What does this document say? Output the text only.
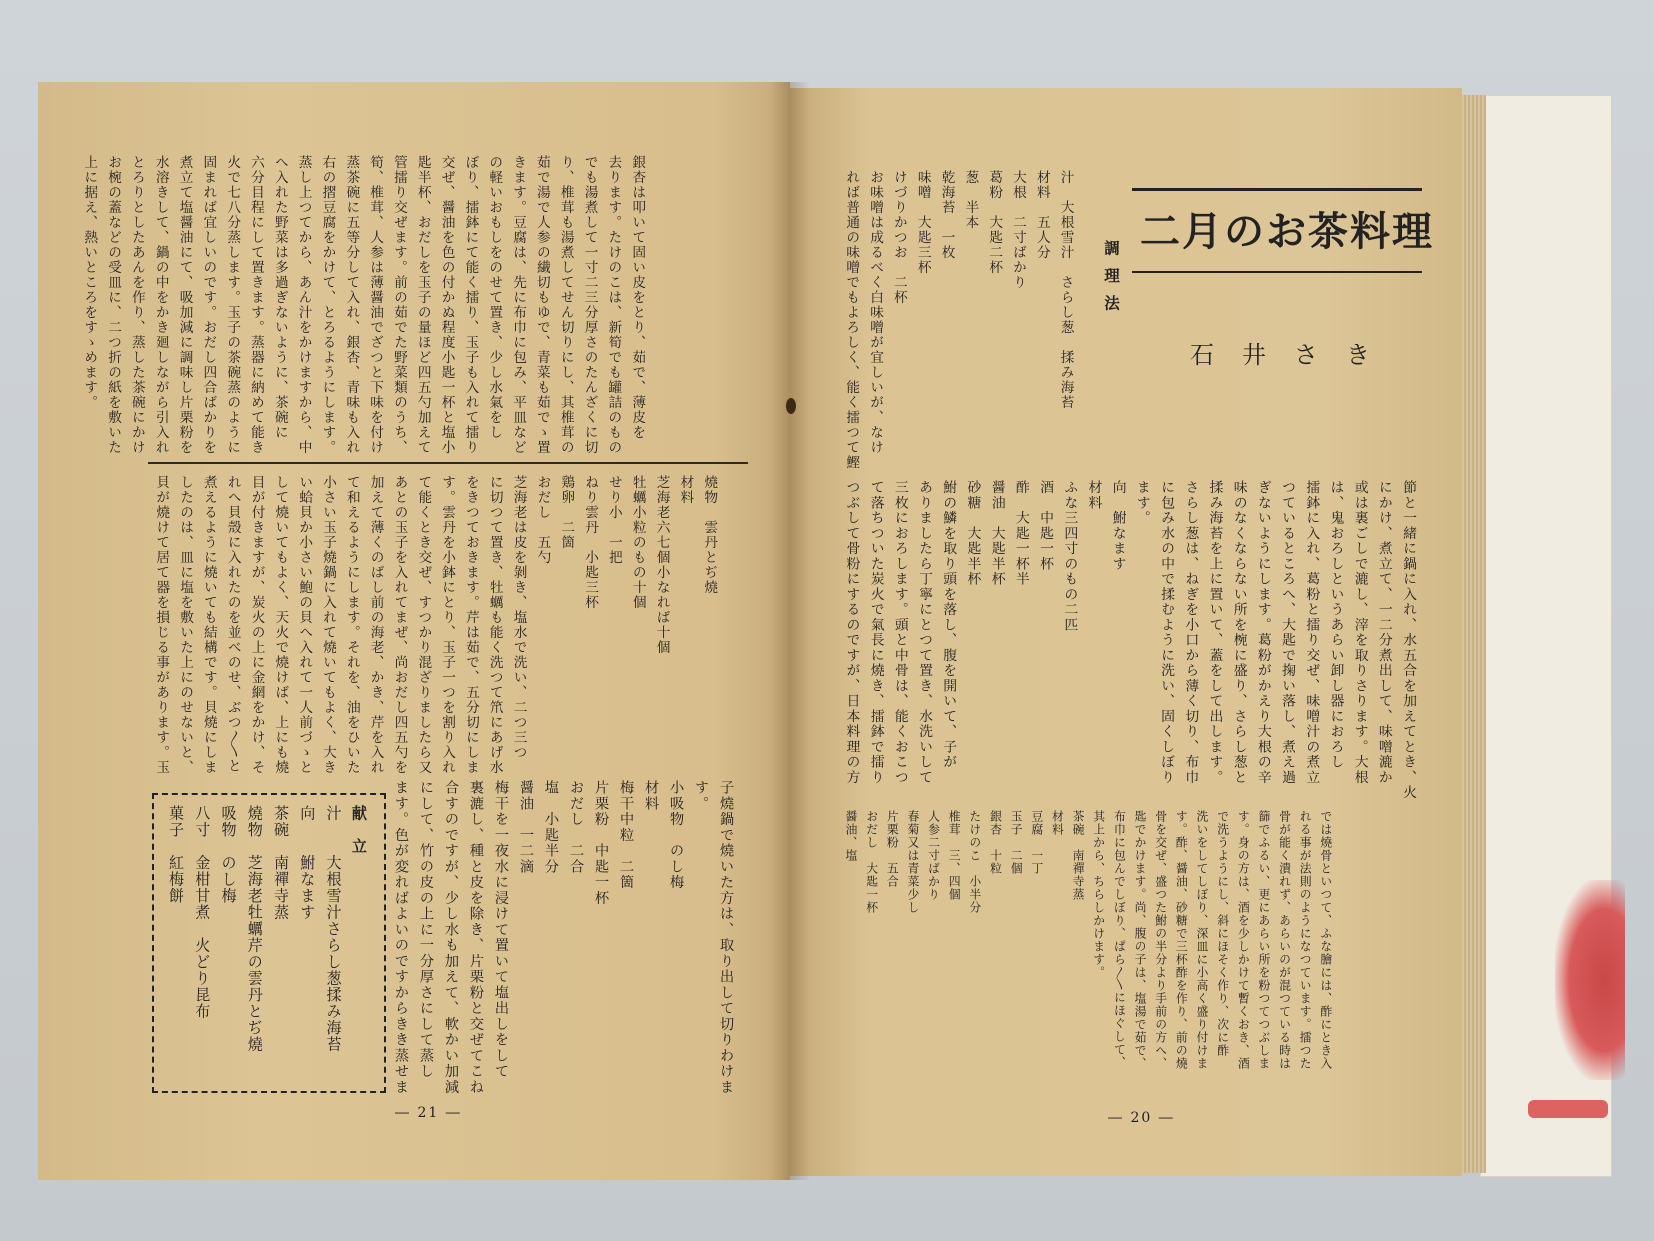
銀杏は叩いて固い皮をとり、茹で、薄皮を
去ります。たけのこは、新筍でも罐詰のもの
でも湯煮して一寸二三分厚さのたんざくに切
り、椎茸も湯煮してせん切りにし、其椎茸の
茹で湯で人参の繊切もゆで、青菜も茹でゝ置
きます。豆腐は、先に布巾に包み、平皿など
の軽いおもしをのせて置き、少し水氣をし
ぼり、擂鉢にて能く擂り、玉子も入れて擂り
交ぜ、醤油を色の付かぬ程度小匙一杯と塩小
匙半杯、おだしを玉子の量ほど四五勺加えて
管擂り交ぜます。前の茹でた野菜類のうち、
筍、椎茸、人参は薄醤油でざつと下味を付け
蒸茶碗に五等分して入れ、銀杏、青味も入れ
右の摺豆腐をかけて、とろるようにします。
蒸し上つてから、あん汁をかけますから、中
へ入れた野菜は多過ぎないように、茶碗に
六分目程にして置きます。蒸器に納めて能き
火で七八分蒸します。玉子の茶碗蒸のように
固まれば宜しいのです。おだし四合ばかりを
煮立て塩醤油にて、吸加減に調味し片栗粉を
水溶きして、鍋の中をかき廻しながら引入れ
とろりとしたあんを作り、蒸した茶碗にかけ
お椀の蓋などの受皿に、二つ折の紙を敷いた
上に据え、熱いところをすゝめます。
燒物　雲丹とぢ燒
材料
芝海老六七個小なれば十個
牡蠣小粒のもの十個
せり小　一把
ねり雲丹　小匙三杯
鶏卵　二箇
おだし　五勺
芝海老は皮を剝き、塩水で洗い、二つ三つ
に切つて置き、牡蠣も能く洗つて笊にあげ水
をきつておきます。芹は茹で、五分切にしま
す。雲丹を小鉢にとり、玉子一つを割り入れ
て能くとき交ぜ、すつかり混ざりましたら又
あとの玉子を入れてまぜ、尚おだし四五勺を
加えて薄くのばし前の海老、かき、芹を入れ
て和えるようにします。それを、油をひいた
小さい玉子燒鍋に入れて燒いてもよく、大き
い蛤貝か小さい鮑の貝へ入れて一人前づゝと
して燒いてもよく、天火で燒けば、上にも燒
目が付きますが、炭火の上に金網をかけ、そ
れへ貝殼に入れたのを並べのせ、ぶつ〳〵と
煮えるように燒いても結構です。貝燒にしま
したのは、皿に塩を敷いた上にのせないと、
貝が燒けて居て器を損じる事があります。玉
子燒鍋で燒いた方は、取り出して切りわけま
す。
小吸物　のし梅
材料
梅干中粒　二箇
片栗粉　中匙一杯
おだし　二合
塩　小匙半分
醤油　一二滴
梅干を一夜水に浸けて置いて塩出しをして
裏漉し、種と皮を除き、片栗粉と交ぜてこね
合すのですが、少し水も加えて、軟かい加減
にして、竹の皮の上に一分厚さにして蒸し
ます。色が変ればよいのですからきき蒸せま
献　立
汁　　大根雪汁さらし葱揉み海苔
向　　鮒なます
茶碗　南禪寺蒸
燒物　芝海老牡蠣芹の雲丹とぢ燒
吸物　のし梅
八寸　金柑甘煮　火どり昆布
菓子　紅梅餅
― 21 ―
二月のお茶料理
石井さき
調理法
汁　大根雪汁　さらし葱　揉み海苔
材料　五人分
大根　二寸ばかり
葛粉　大匙二杯
葱　半本
乾海苔　一枚
味噌　大匙三杯
けづりかつお　二杯
お味噌は成るべく白味噌が宜しいが、なけ
れば普通の味噌でもよろしく、能く擂つて鰹
節と一緒に鍋に入れ、水五合を加えてとき、火
にかけ、煮立て、一二分煮出して、味噌漉か
或は裏ごしで漉し、滓を取りさります。大根
は、鬼おろしというあらい卸し器におろし
擂鉢に入れ、葛粉と擂り交ぜ、味噌汁の煮立
つているところへ、大匙で掬い落し、煮え過
ぎないようにします。葛粉がかえり大根の辛
味のなくならない所を椀に盛り、さらし葱と
揉み海苔を上に置いて、蓋をして出します。
さらし葱は、ねぎを小口から薄く切り、布巾
に包み水の中で揉むように洗い、固くしぼり
ます。
向　鮒なます
材料
ふな三四寸のもの二匹
酒　中匙一杯
酢　大匙一杯半
醤油　大匙半杯
砂糖　大匙半杯
鮒の鱗を取り頭を落し、腹を開いて、子が
ありましたら丁寧にとつて置き、水洗いして
三枚におろします。頭と中骨は、能くおこつ
て落ちついた炭火で氣長に燒き、擂鉢で擂り
つぶして骨粉にするのですが、日本料理の方
では燒骨といつて、ふな膾には、酢にとき入
れる事が法則のようになつています。擂つた
骨が能く潰れず、あらいのが混つている時は
篩でふるい、更にあらい所を粉つてつぶしま
す。身の方は、酒を少しかけて暫くおき、酒
で洗うようにし、斜にほそく作り、次に酢
洗いをしてしぼり、深皿に小高く盛り付けま
す。酢、醤油、砂糖で三杯酢を作り、前の燒
骨を交ぜ、盛つた鮒の半分より手前の方へ、
匙でかけます。尚、腹の子は、塩湯で茹で、
布巾に包んでしぼり、ぱら〳〵にほぐして、
其上から、ちらしかけます。
茶碗　南禪寺蒸
材料
豆腐　一丁
玉子　二個
銀杏　十粒
たけのこ　小半分
椎茸　三、四個
人参二寸ばかり
春菊又は青菜少し
片栗粉　五合
おだし　大匙一杯
醤油、塩
― 20 ―
